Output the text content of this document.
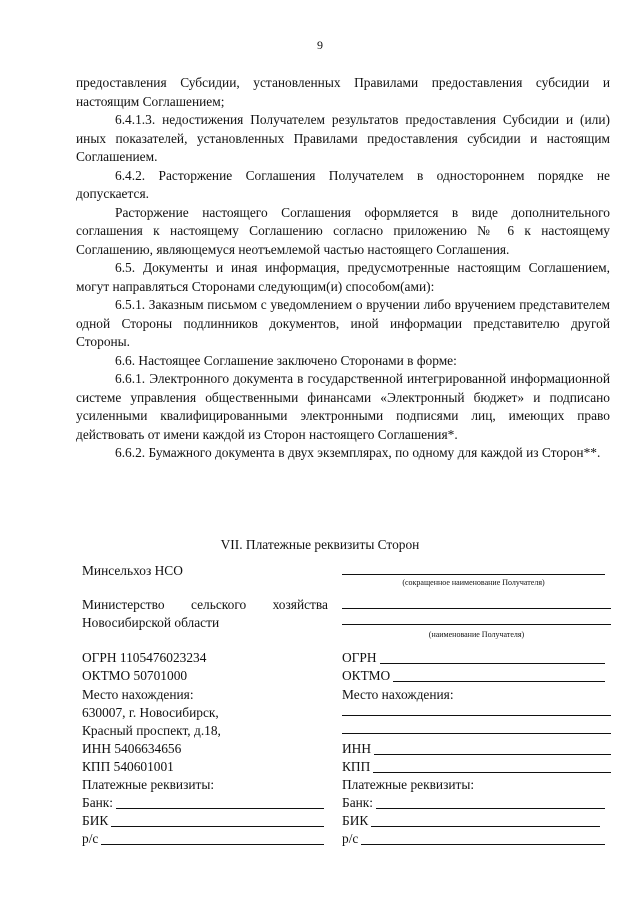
9

предоставления Субсидии, установленных Правилами предоставления субсидии и настоящим Соглашением;

6.4.1.3. недостижения Получателем результатов предоставления Субсидии и (или) иных показателей, установленных Правилами предоставления субсидии и настоящим Соглашением.

6.4.2. Расторжение Соглашения Получателем в одностороннем порядке не допускается.

Расторжение настоящего Соглашения оформляется в виде дополнительного соглашения к настоящему Соглашению согласно приложению № 6 к настоящему Соглашению, являющемуся неотъемлемой частью настоящего Соглашения.

6.5. Документы и иная информация, предусмотренные настоящим Соглашением, могут направляться Сторонами следующим(и) способом(ами):

6.5.1. Заказным письмом с уведомлением о вручении либо вручением представителем одной Стороны подлинников документов, иной информации представителю другой Стороны.

6.6. Настоящее Соглашение заключено Сторонами в форме:

6.6.1. Электронного документа в государственной интегрированной информационной системе управления общественными финансами «Электронный бюджет» и подписано усиленными квалифицированными электронными подписями лиц, имеющих право действовать от имени каждой из Сторон настоящего Соглашения*.

6.6.2. Бумажного документа в двух экземплярах, по одному для каждой из Сторон**.

VII. Платежные реквизиты Сторон
Минсельхоз НСО
Министерство сельского хозяйства
Новосибирской области
ОГРН 1105476023234
ОКТМО 50701000
Место нахождения:
630007, г. Новосибирск,
Красный проспект, д.18,
ИНН 5406634656
КПП 540601001
Платежные реквизиты:
Банк:
БИК
р/с
(сокращенное наименование Получателя)
(наименование Получателя)
ОГРН
ОКТМО
Место нахождения:
ИНН
КПП
Платежные реквизиты:
Банк:
БИК
р/с
